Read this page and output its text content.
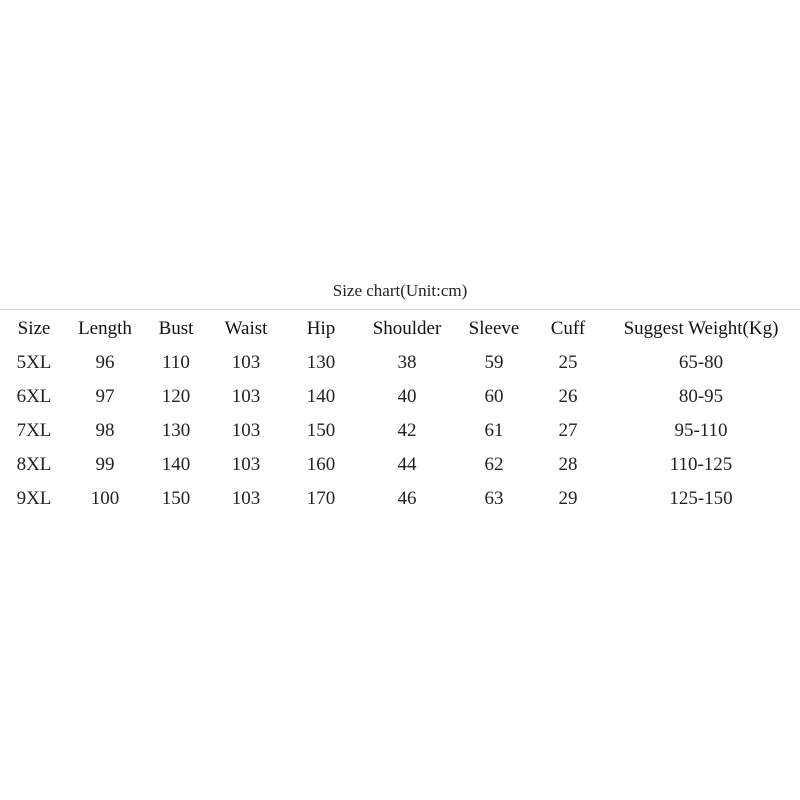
Size chart(Unit:cm)
Size	Length	Bust	Waist	Hip	Shoulder	Sleeve	Cuff	Suggest Weight(Kg)
5XL	96	110	103	130	38	59	25	65-80
6XL	97	120	103	140	40	60	26	80-95
7XL	98	130	103	150	42	61	27	95-110
8XL	99	140	103	160	44	62	28	110-125
9XL	100	150	103	170	46	63	29	125-150
